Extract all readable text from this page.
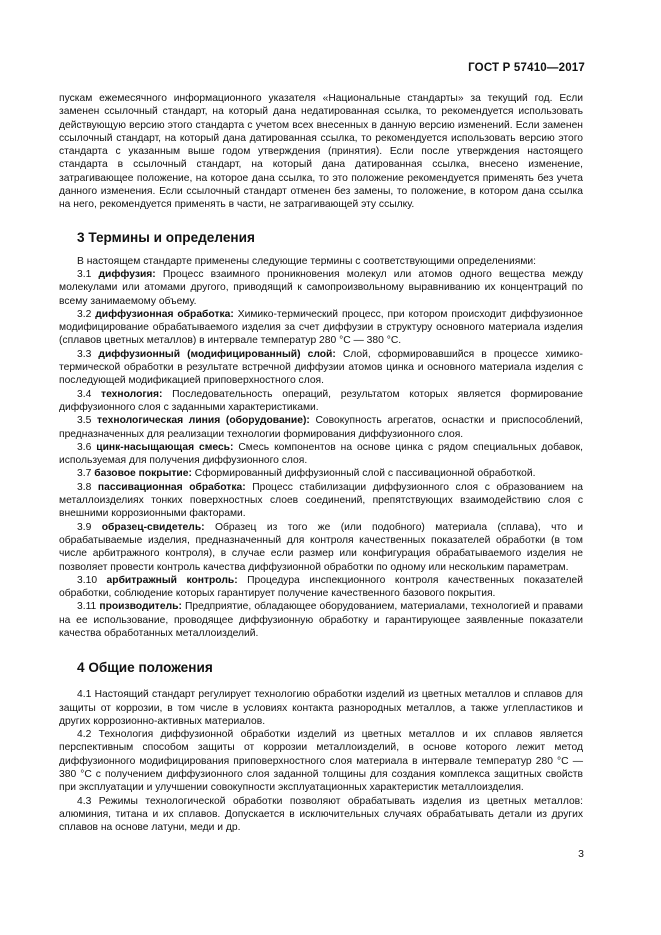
ГОСТ Р 57410—2017

пускам ежемесячного информационного указателя «Национальные стандарты» за текущий год. Если заменен ссылочный стандарт, на который дана недатированная ссылка, то рекомендуется использовать действующую версию этого стандарта с учетом всех внесенных в данную версию изменений. Если заменен ссылочный стандарт, на который дана датированная ссылка, то рекомендуется использовать версию этого стандарта с указанным выше годом утверждения (принятия). Если после утверждения настоящего стандарта в ссылочный стандарт, на который дана датированная ссылка, внесено изменение, затрагивающее положение, на которое дана ссылка, то это положение рекомендуется применять без учета данного изменения. Если ссылочный стандарт отменен без замены, то положение, в котором дана ссылка на него, рекомендуется применять в части, не затрагивающей эту ссылку.

3 Термины и определения

В настоящем стандарте применены следующие термины с соответствующими определениями:

3.1 диффузия: Процесс взаимного проникновения молекул или атомов одного вещества между молекулами или атомами другого, приводящий к самопроизвольному выравниванию их концентраций по всему занимаемому объему.

3.2 диффузионная обработка: Химико-термический процесс, при котором происходит диффузионное модифицирование обрабатываемого изделия за счет диффузии в структуру основного материала изделия (сплавов цветных металлов) в интервале температур 280 °С — 380 °С.

3.3 диффузионный (модифицированный) слой: Слой, сформировавшийся в процессе химико-термической обработки в результате встречной диффузии атомов цинка и основного материала изделия с последующей модификацией приповерхностного слоя.

3.4 технология: Последовательность операций, результатом которых является формирование диффузионного слоя с заданными характеристиками.

3.5 технологическая линия (оборудование): Совокупность агрегатов, оснастки и приспособлений, предназначенных для реализации технологии формирования диффузионного слоя.

3.6 цинк-насыщающая смесь: Смесь компонентов на основе цинка с рядом специальных добавок, используемая для получения диффузионного слоя.

3.7 базовое покрытие: Сформированный диффузионный слой с пассивационной обработкой.

3.8 пассивационная обработка: Процесс стабилизации диффузионного слоя с образованием на металлоизделиях тонких поверхностных слоев соединений, препятствующих взаимодействию слоя с внешними коррозионными факторами.

3.9 образец-свидетель: Образец из того же (или подобного) материала (сплава), что и обрабатываемые изделия, предназначенный для контроля качественных показателей обработки (в том числе арбитражного контроля), в случае если размер или конфигурация обрабатываемого изделия не позволяет провести контроль качества диффузионной обработки по одному или нескольким параметрам.

3.10 арбитражный контроль: Процедура инспекционного контроля качественных показателей обработки, соблюдение которых гарантирует получение качественного базового покрытия.

3.11 производитель: Предприятие, обладающее оборудованием, материалами, технологией и правами на ее использование, проводящее диффузионную обработку и гарантирующее заявленные показатели качества обработанных металлоизделий.

4 Общие положения

4.1 Настоящий стандарт регулирует технологию обработки изделий из цветных металлов и сплавов для защиты от коррозии, в том числе в условиях контакта разнородных металлов, а также углепластиков и других коррозионно-активных материалов.

4.2 Технология диффузионной обработки изделий из цветных металлов и их сплавов является перспективным способом защиты от коррозии металлоизделий, в основе которого лежит метод диффузионного модифицирования приповерхностного слоя материала в интервале температур 280 °С — 380 °С с получением диффузионного слоя заданной толщины для создания комплекса защитных свойств при эксплуатации и улучшении совокупности эксплуатационных характеристик металлоизделия.

4.3 Режимы технологической обработки позволяют обрабатывать изделия из цветных металлов: алюминия, титана и их сплавов. Допускается в исключительных случаях обрабатывать детали из других сплавов на основе латуни, меди и др.

3
